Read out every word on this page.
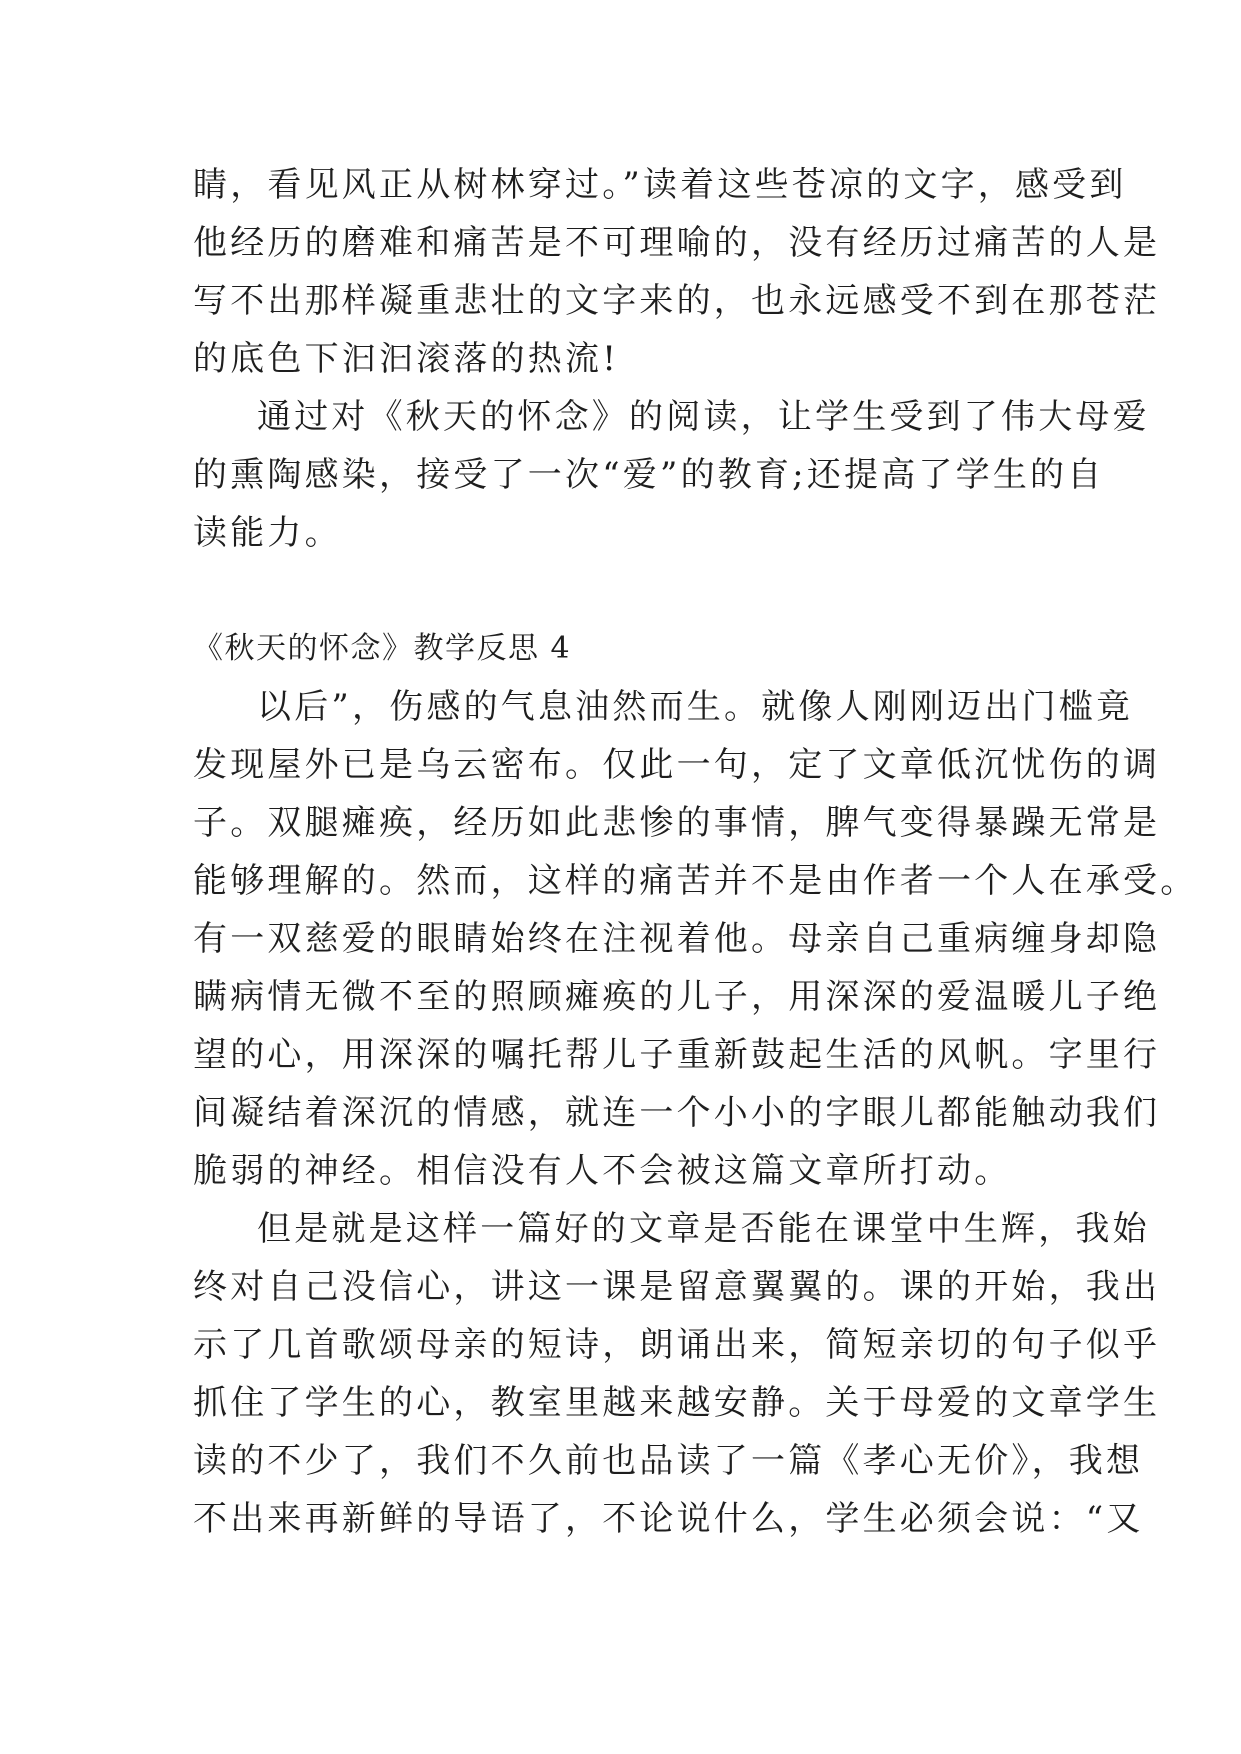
睛，看见风正从树林穿过。”读着这些苍凉的文字，感受到
他经历的磨难和痛苦是不可理喻的，没有经历过痛苦的人是
写不出那样凝重悲壮的文字来的，也永远感受不到在那苍茫
的底色下汩汩滚落的热流!
通过对《秋天的怀念》的阅读，让学生受到了伟大母爱
的熏陶感染，接受了一次“爱”的教育;还提高了学生的自
读能力。
《秋天的怀念》教学反思 4
以后”，伤感的气息油然而生。就像人刚刚迈出门槛竟
发现屋外已是乌云密布。仅此一句，定了文章低沉忧伤的调
子。双腿瘫痪，经历如此悲惨的事情，脾气变得暴躁无常是
能够理解的。然而，这样的痛苦并不是由作者一个人在承受。
有一双慈爱的眼睛始终在注视着他。母亲自己重病缠身却隐
瞒病情无微不至的照顾瘫痪的儿子，用深深的爱温暖儿子绝
望的心，用深深的嘱托帮儿子重新鼓起生活的风帆。字里行
间凝结着深沉的情感，就连一个小小的字眼儿都能触动我们
脆弱的神经。相信没有人不会被这篇文章所打动。
但是就是这样一篇好的文章是否能在课堂中生辉，我始
终对自己没信心，讲这一课是留意翼翼的。课的开始，我出
示了几首歌颂母亲的短诗，朗诵出来，简短亲切的句子似乎
抓住了学生的心，教室里越来越安静。关于母爱的文章学生
读的不少了，我们不久前也品读了一篇《孝心无价》，我想
不出来再新鲜的导语了，不论说什么，学生必须会说：“又
